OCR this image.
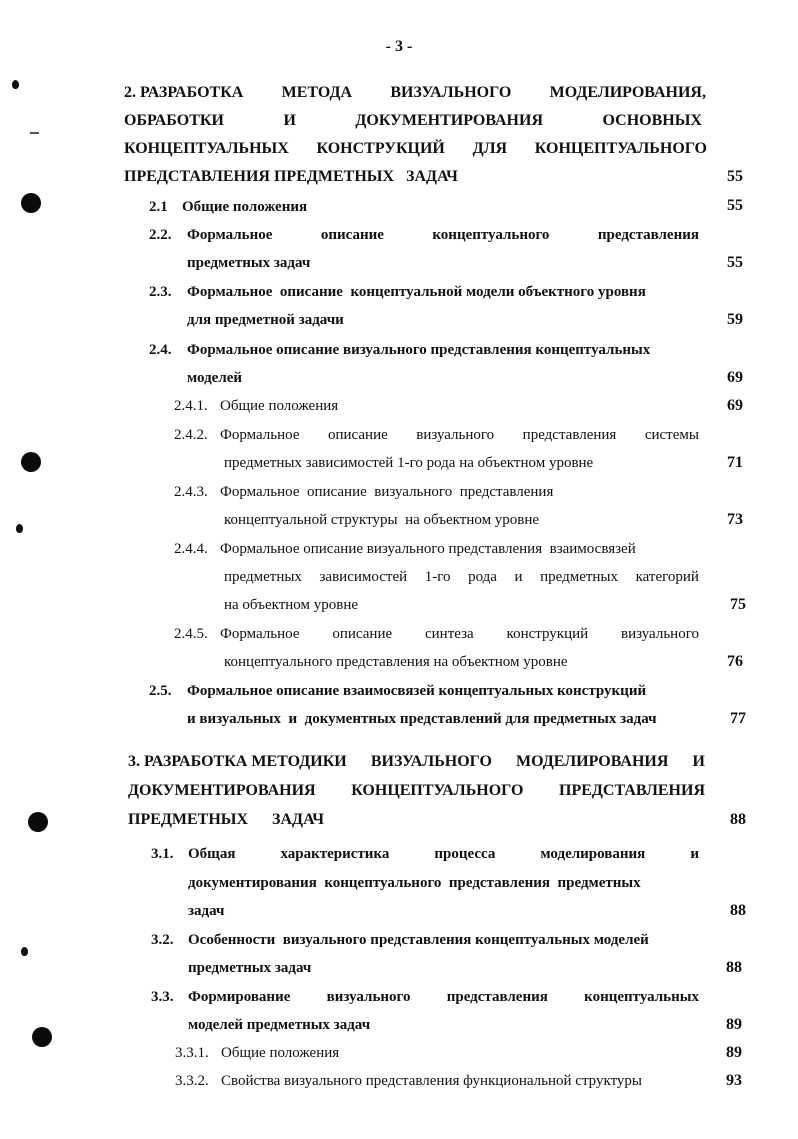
- 3 -
2. РАЗРАБОТКА МЕТОДА ВИЗУАЛЬНОГО МОДЕЛИРОВАНИЯ,
ОБРАБОТКИ	И	ДОКУМЕНТИРОВАНИЯ	ОСНОВНЫХ
КОНЦЕПТУАЛЬНЫХ КОНСТРУКЦИЙ ДЛЯ КОНЦЕПТУАЛЬНОГО
ПРЕДСТАВЛЕНИЯ ПРЕДМЕТНЫХ   ЗАДАЧ	55
2.1 Общие положения	55
2.2. Формальное	описание	концептуального	представления
предметных задач	55
2.3. Формальное  описание  концептуальной модели объектного уровня
для предметной задачи	59
2.4. Формальное описание визуального представления концептуальных
моделей	69
2.4.1. Общие положения	69
2.4.2. Формальное описание визуального представления системы
предметных зависимостей 1-го рода на объектном уровне	71
2.4.3. Формальное  описание  визуального  представления
концептуальной структуры  на объектном уровне	73
2.4.4. Формальное описание визуального представления  взаимосвязей
предметных зависимостей 1-го рода и предметных категорий
на объектном уровне	75
2.4.5. Формальное описание синтеза конструкций визуального
концептуального представления на объектном уровне	76
2.5. Формальное описание взаимосвязей концептуальных конструкций
и визуальных  и  документных представлений для предметных задач	77
3. РАЗРАБОТКА МЕТОДИКИ ВИЗУАЛЬНОГО МОДЕЛИРОВАНИЯ И
ДОКУМЕНТИРОВАНИЯ КОНЦЕПТУАЛЬНОГО ПРЕДСТАВЛЕНИЯ
ПРЕДМЕТНЫХ      ЗАДАЧ	88
3.1. Общая	характеристика	процесса	моделирования	и
документирования  концептуального  представления  предметных
задач	88
3.2. Особенности  визуального представления концептуальных моделей
предметных задач	88
3.3. Формирование визуального представления концептуальных
моделей предметных задач	89
3.3.1. Общие положения	89
3.3.2. Свойства визуального представления функциональной структуры	93
